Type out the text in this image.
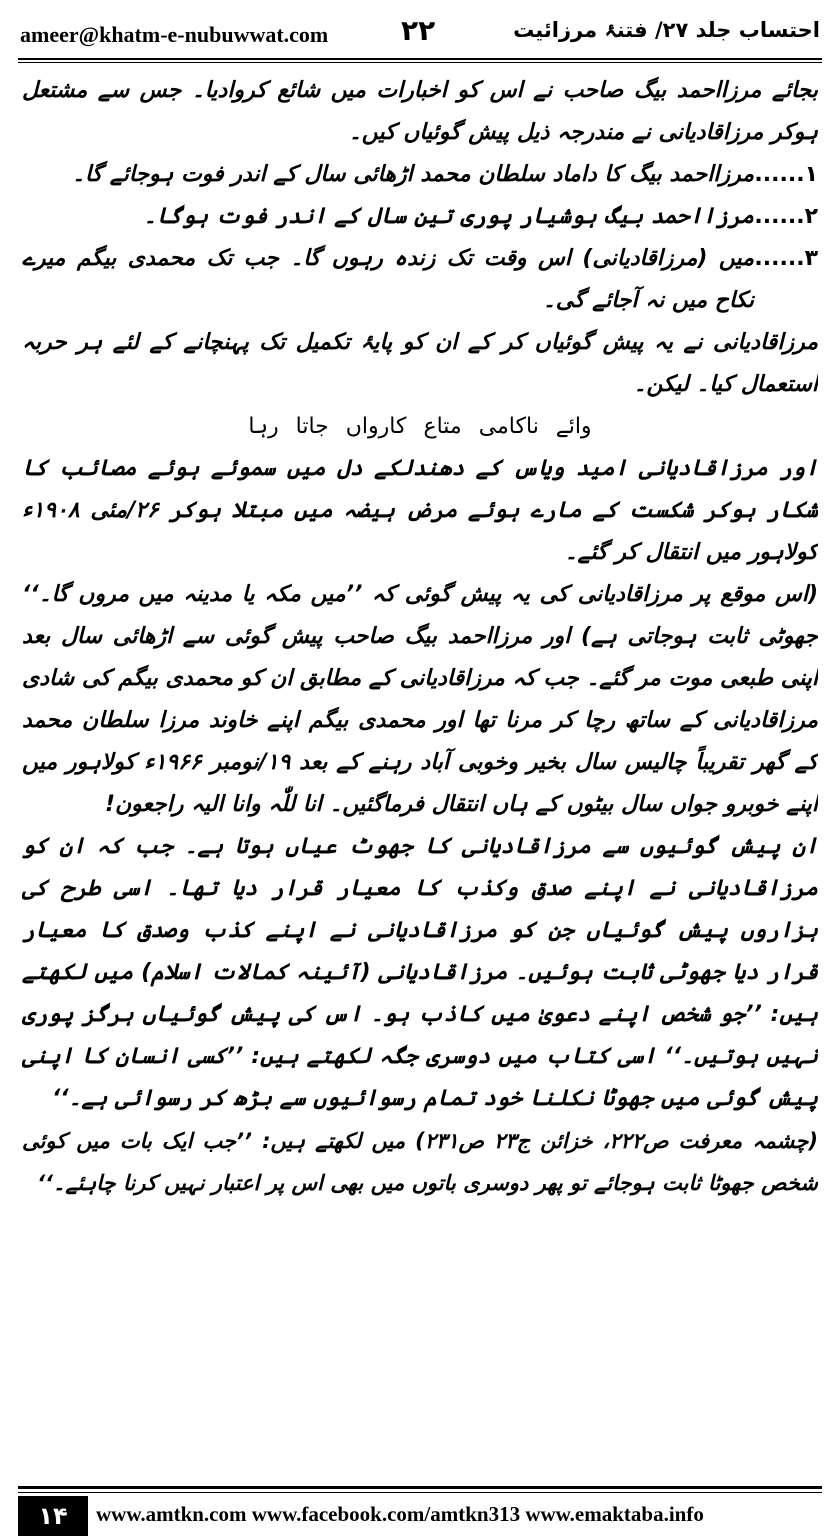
ameer@khatm-e-nubuwwat.com	۲۲	احتساب جلد ۲۷/ فتنۂ مرزائیت

بجائے مرزااحمد بیگ صاحب نے اس کو اخبارات میں شائع کروادیا۔ جس سے مشتعل ہوکر مرزاقادیانی نے مندرجہ ذیل پیش گوئیاں کیں۔

۱......
مرزااحمد بیگ کا داماد سلطان محمد اڑھائی سال کے اندر فوت ہوجائے گا۔
۲......
مرزااحمد بیگ ہوشیار پوری تین سال کے اندر فوت ہوگا۔
۳......
میں (مرزاقادیانی) اس وقت تک زندہ رہوں گا۔ جب تک محمدی بیگم میرے نکاح میں نہ آجائے گی۔

مرزاقادیانی نے یہ پیش گوئیاں کر کے ان کو پایۂ تکمیل تک پہنچانے کے لئے ہر حربہ استعمال کیا۔ لیکن۔

وائے ناکامی متاع کارواں جاتا رہا

اور مرزاقادیانی امید ویاس کے دھندلکے دل میں سموئے ہوئے مصائب کا شکار ہوکر شکست کے مارے ہوئے مرض ہیضہ میں مبتلا ہوکر ۲۶/مئی ۱۹۰۸ء کولاہور میں انتقال کر گئے۔

(اس موقع پر مرزاقادیانی کی یہ پیش گوئی کہ ’’میں مکہ یا مدینہ میں مروں گا۔‘‘ جھوٹی ثابت ہوجاتی ہے) اور مرزااحمد بیگ صاحب پیش گوئی سے اڑھائی سال بعد اپنی طبعی موت مر گئے۔ جب کہ مرزاقادیانی کے مطابق ان کو محمدی بیگم کی شادی مرزاقادیانی کے ساتھ رچا کر مرنا تھا اور محمدی بیگم اپنے خاوند مرزا سلطان محمد کے گھر تقریباً چالیس سال بخیر وخوبی آباد رہنے کے بعد ۱۹/نومبر ۱۹۶۶ء کولاہور میں اپنے خوبرو جواں سال بیٹوں کے ہاں انتقال فرماگئیں۔ انا للّٰہ وانا الیہ راجعون!

ان پیش گوئیوں سے مرزاقادیانی کا جھوٹ عیاں ہوتا ہے۔ جب کہ ان کو مرزاقادیانی نے اپنے صدق وکذب کا معیار قرار دیا تھا۔ اسی طرح کی ہزاروں پیش گوئیاں جن کو مرزاقادیانی نے اپنے کذب وصدق کا معیار قرار دیا جھوٹی ثابت ہوئیں۔ مرزاقادیانی (آئینہ کمالات اسلام) میں لکھتے ہیں: ’’جو شخص اپنے دعویٰ میں کاذب ہو۔ اس کی پیش گوئیاں ہرگز پوری نہیں ہوتیں۔‘‘ اسی کتاب میں دوسری جگہ لکھتے ہیں: ’’کسی انسان کا اپنی پیش گوئی میں جھوٹا نکلنا خود تمام رسوائیوں سے بڑھ کر رسوائی ہے۔‘‘

(چشمہ معرفت ص۲۲۲، خزائن ج۲۳ ص۲۳۱) میں لکھتے ہیں: ’’جب ایک بات میں کوئی شخص جھوٹا ثابت ہوجائے تو پھر دوسری باتوں میں بھی اس پر اعتبار نہیں کرنا چاہئے۔‘‘

۱۴	www.amtkn.com www.facebook.com/amtkn313 www.emaktaba.info
